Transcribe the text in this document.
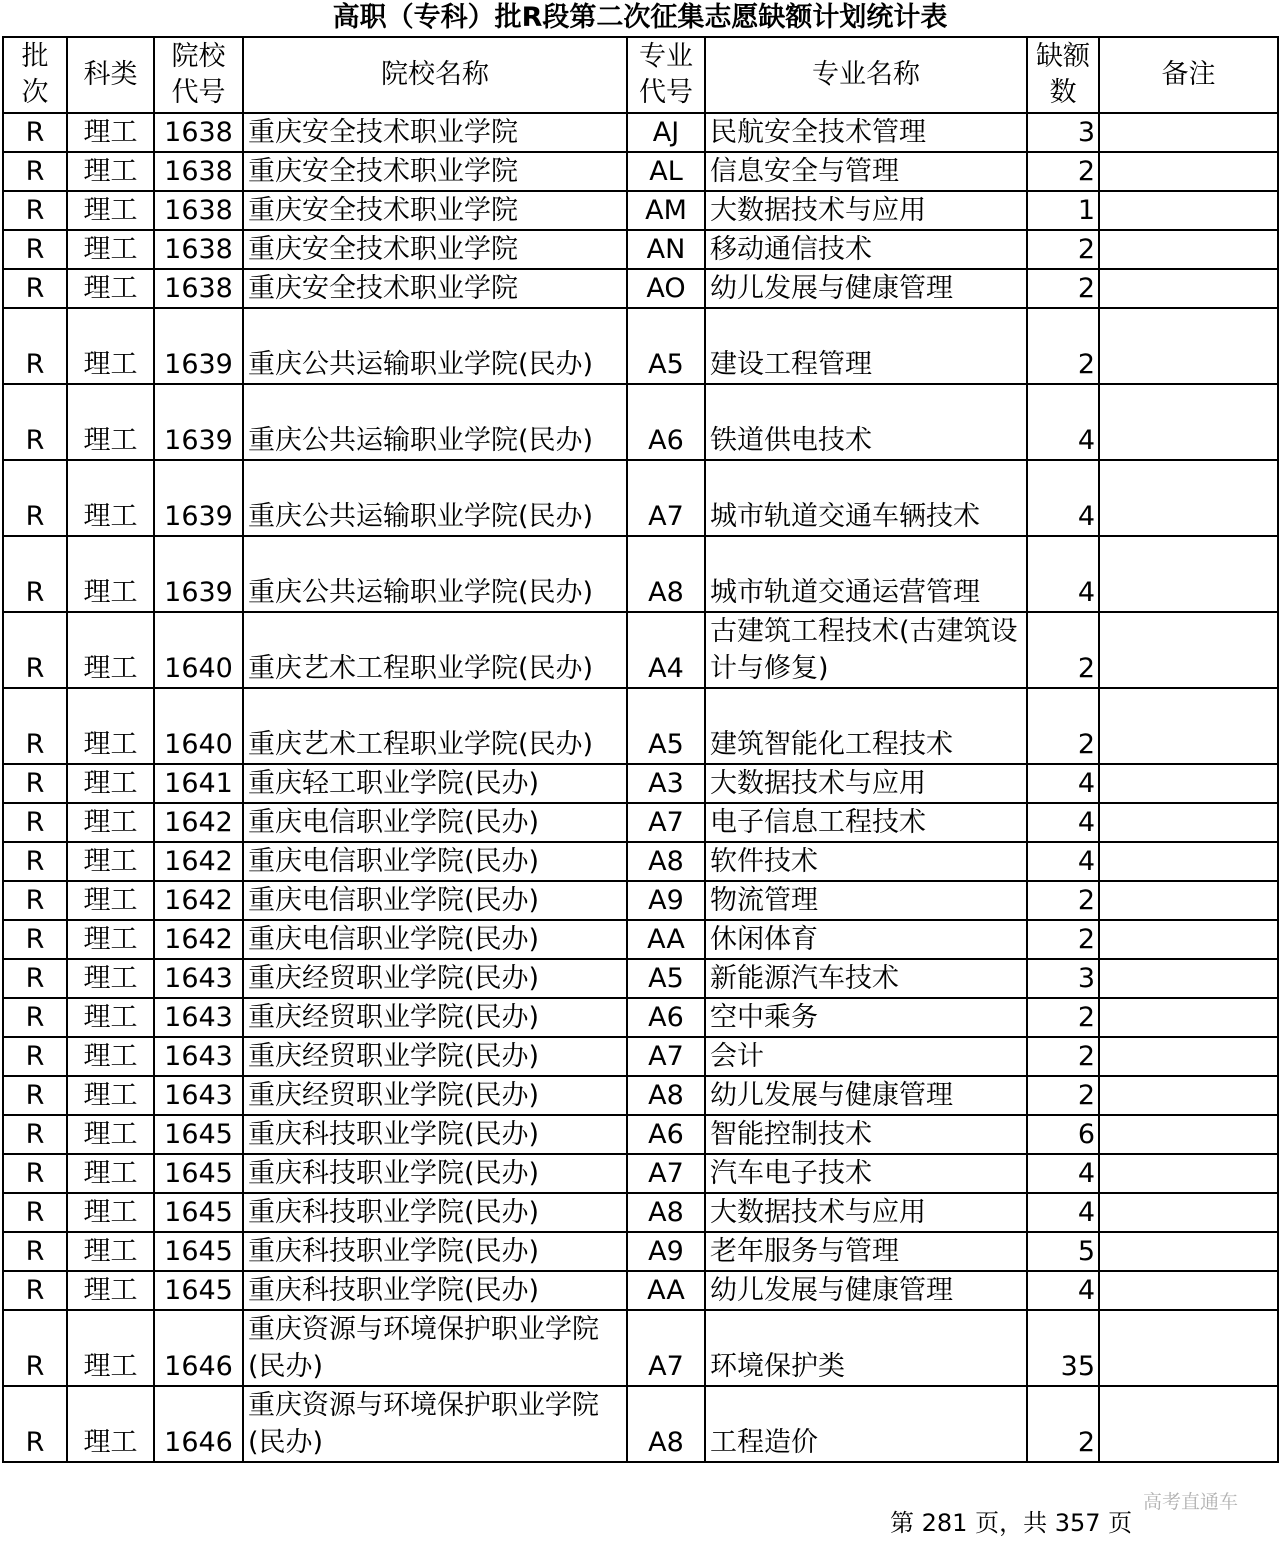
高职（专科）批R段第二次征集志愿缺额计划统计表
批次	科类	院校代号	院校名称	专业代号	专业名称	缺额数	备注
R	理工	1638	重庆安全技术职业学院	AJ	民航安全技术管理	3	
R	理工	1638	重庆安全技术职业学院	AL	信息安全与管理	2	
R	理工	1638	重庆安全技术职业学院	AM	大数据技术与应用	1	
R	理工	1638	重庆安全技术职业学院	AN	移动通信技术	2	
R	理工	1638	重庆安全技术职业学院	AO	幼儿发展与健康管理	2	
R	理工	1639	重庆公共运输职业学院(民办)	A5	建设工程管理	2	
R	理工	1639	重庆公共运输职业学院(民办)	A6	铁道供电技术	4	
R	理工	1639	重庆公共运输职业学院(民办)	A7	城市轨道交通车辆技术	4	
R	理工	1639	重庆公共运输职业学院(民办)	A8	城市轨道交通运营管理	4	
R	理工	1640	重庆艺术工程职业学院(民办)	A4	古建筑工程技术(古建筑设计与修复)	2	
R	理工	1640	重庆艺术工程职业学院(民办)	A5	建筑智能化工程技术	2	
R	理工	1641	重庆轻工职业学院(民办)	A3	大数据技术与应用	4	
R	理工	1642	重庆电信职业学院(民办)	A7	电子信息工程技术	4	
R	理工	1642	重庆电信职业学院(民办)	A8	软件技术	4	
R	理工	1642	重庆电信职业学院(民办)	A9	物流管理	2	
R	理工	1642	重庆电信职业学院(民办)	AA	休闲体育	2	
R	理工	1643	重庆经贸职业学院(民办)	A5	新能源汽车技术	3	
R	理工	1643	重庆经贸职业学院(民办)	A6	空中乘务	2	
R	理工	1643	重庆经贸职业学院(民办)	A7	会计	2	
R	理工	1643	重庆经贸职业学院(民办)	A8	幼儿发展与健康管理	2	
R	理工	1645	重庆科技职业学院(民办)	A6	智能控制技术	6	
R	理工	1645	重庆科技职业学院(民办)	A7	汽车电子技术	4	
R	理工	1645	重庆科技职业学院(民办)	A8	大数据技术与应用	4	
R	理工	1645	重庆科技职业学院(民办)	A9	老年服务与管理	5	
R	理工	1645	重庆科技职业学院(民办)	AA	幼儿发展与健康管理	4	
R	理工	1646	重庆资源与环境保护职业学院(民办)	A7	环境保护类	35	
R	理工	1646	重庆资源与环境保护职业学院(民办)	A8	工程造价	2	
高考直通车
第 281 页，共 357 页
